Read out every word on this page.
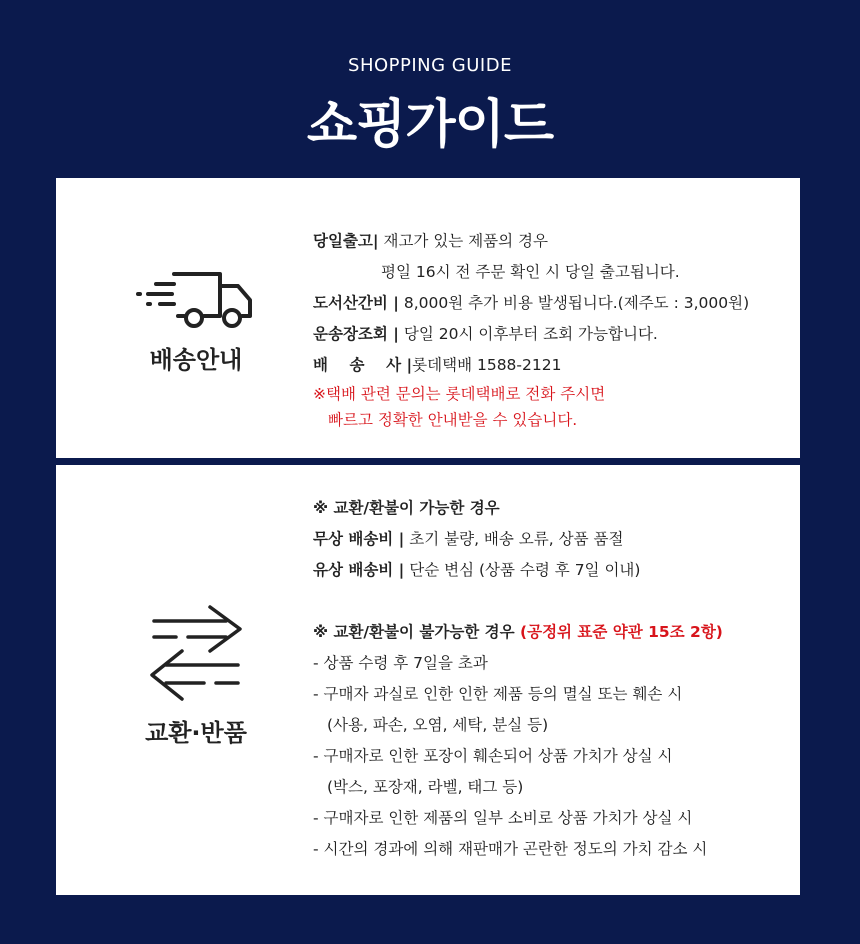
SHOPPING GUIDE
쇼핑가이드
배송안내
당일출고| 재고가 있는 제품의 경우
평일 16시 전 주문 확인 시 당일 출고됩니다.
도서산간비 | 8,000원 추가 비용 발생됩니다.(제주도 : 3,000원)
운송장조회 | 당일 20시 이후부터 조회 가능합니다.
배    송    사 |롯데택배 1588-2121
※택배 관련 문의는 롯데택배로 전화 주시면
빠르고 정확한 안내받을 수 있습니다.
교환·반품
※ 교환/환불이 가능한 경우
무상 배송비 | 초기 불량, 배송 오류, 상품 품절
유상 배송비 | 단순 변심 (상품 수령 후 7일 이내)
※ 교환/환불이 불가능한 경우 (공정위 표준 약관 15조 2항)
- 상품 수령 후 7일을 초과
- 구매자 과실로 인한 인한 제품 등의 멸실 또는 훼손 시
(사용, 파손, 오염, 세탁, 분실 등)
- 구매자로 인한 포장이 훼손되어 상품 가치가 상실 시
(박스, 포장재, 라벨, 태그 등)
- 구매자로 인한 제품의 일부 소비로 상품 가치가 상실 시
- 시간의 경과에 의해 재판매가 곤란한 정도의 가치 감소 시
